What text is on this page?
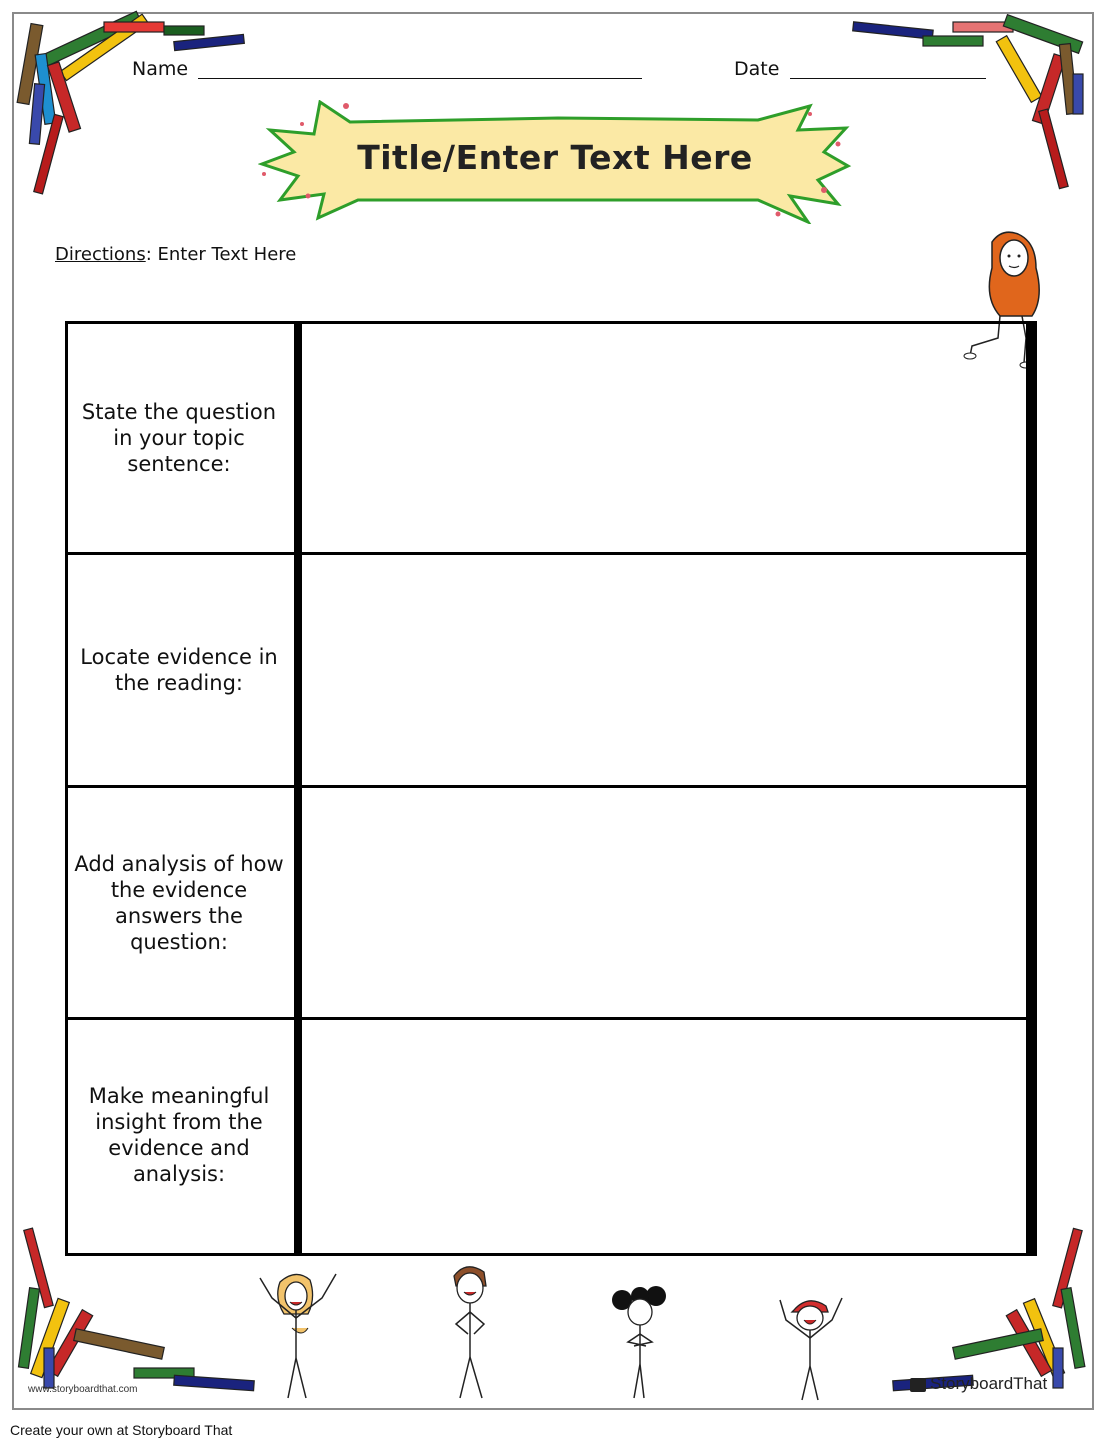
Name	Date
Title/Enter Text Here
Directions: Enter Text Here
State the question in your topic sentence:
Locate evidence in the reading:
Add analysis of how the evidence answers the question:
Make meaningful insight from the evidence and analysis:
www.storyboardthat.com	StoryboardThat
Create your own at Storyboard That
